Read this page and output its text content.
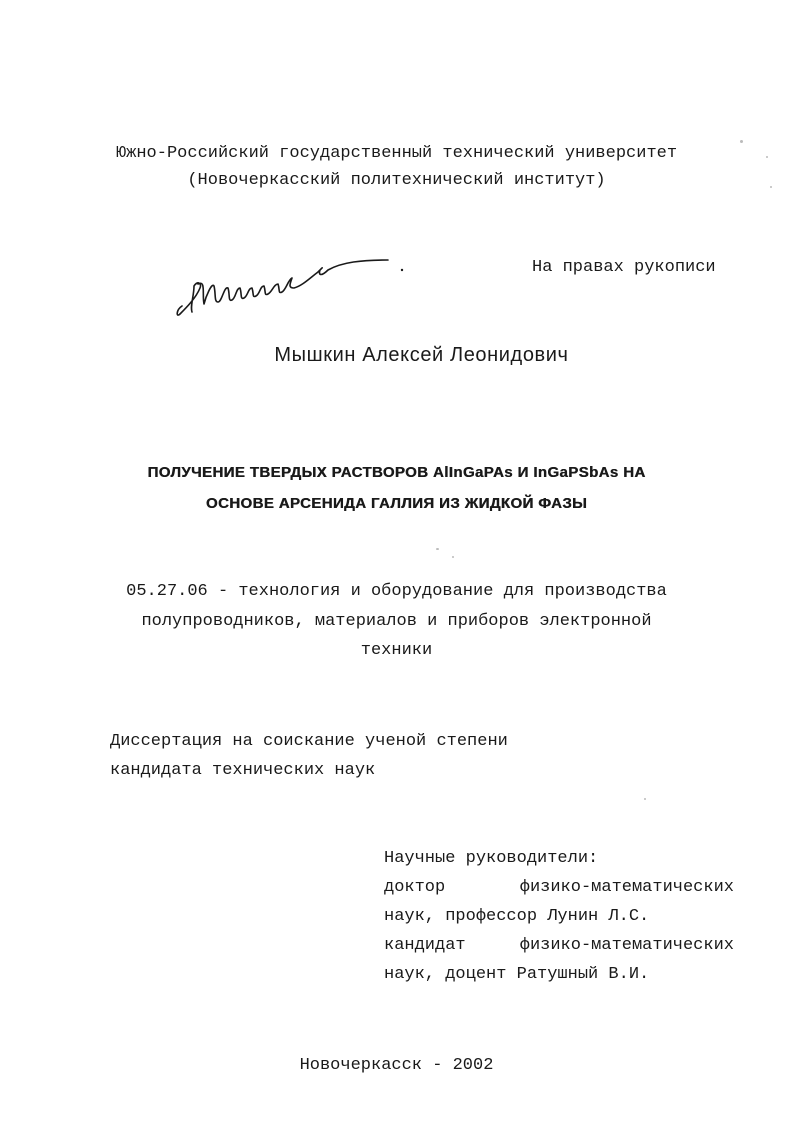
Южно-Российский государственный технический университет
(Новочеркасский политехнический институт)
На правах рукописи
Мышкин Алексей Леонидович
ПОЛУЧЕНИЕ ТВЕРДЫХ РАСТВОРОВ AlInGaPAs И InGaPSbAs НА
ОСНОВЕ АРСЕНИДА ГАЛЛИЯ ИЗ ЖИДКОЙ ФАЗЫ
05.27.06 - технология и оборудование для производства
полупроводников, материалов и приборов электронной
техники
Диссертация на соискание ученой степени
кандидата технических наук
Научные руководители:
доктор	физико-математических
наук, профессор Лунин Л.С.
кандидат	физико-математических
наук, доцент Ратушный В.И.
Новочеркасск - 2002
